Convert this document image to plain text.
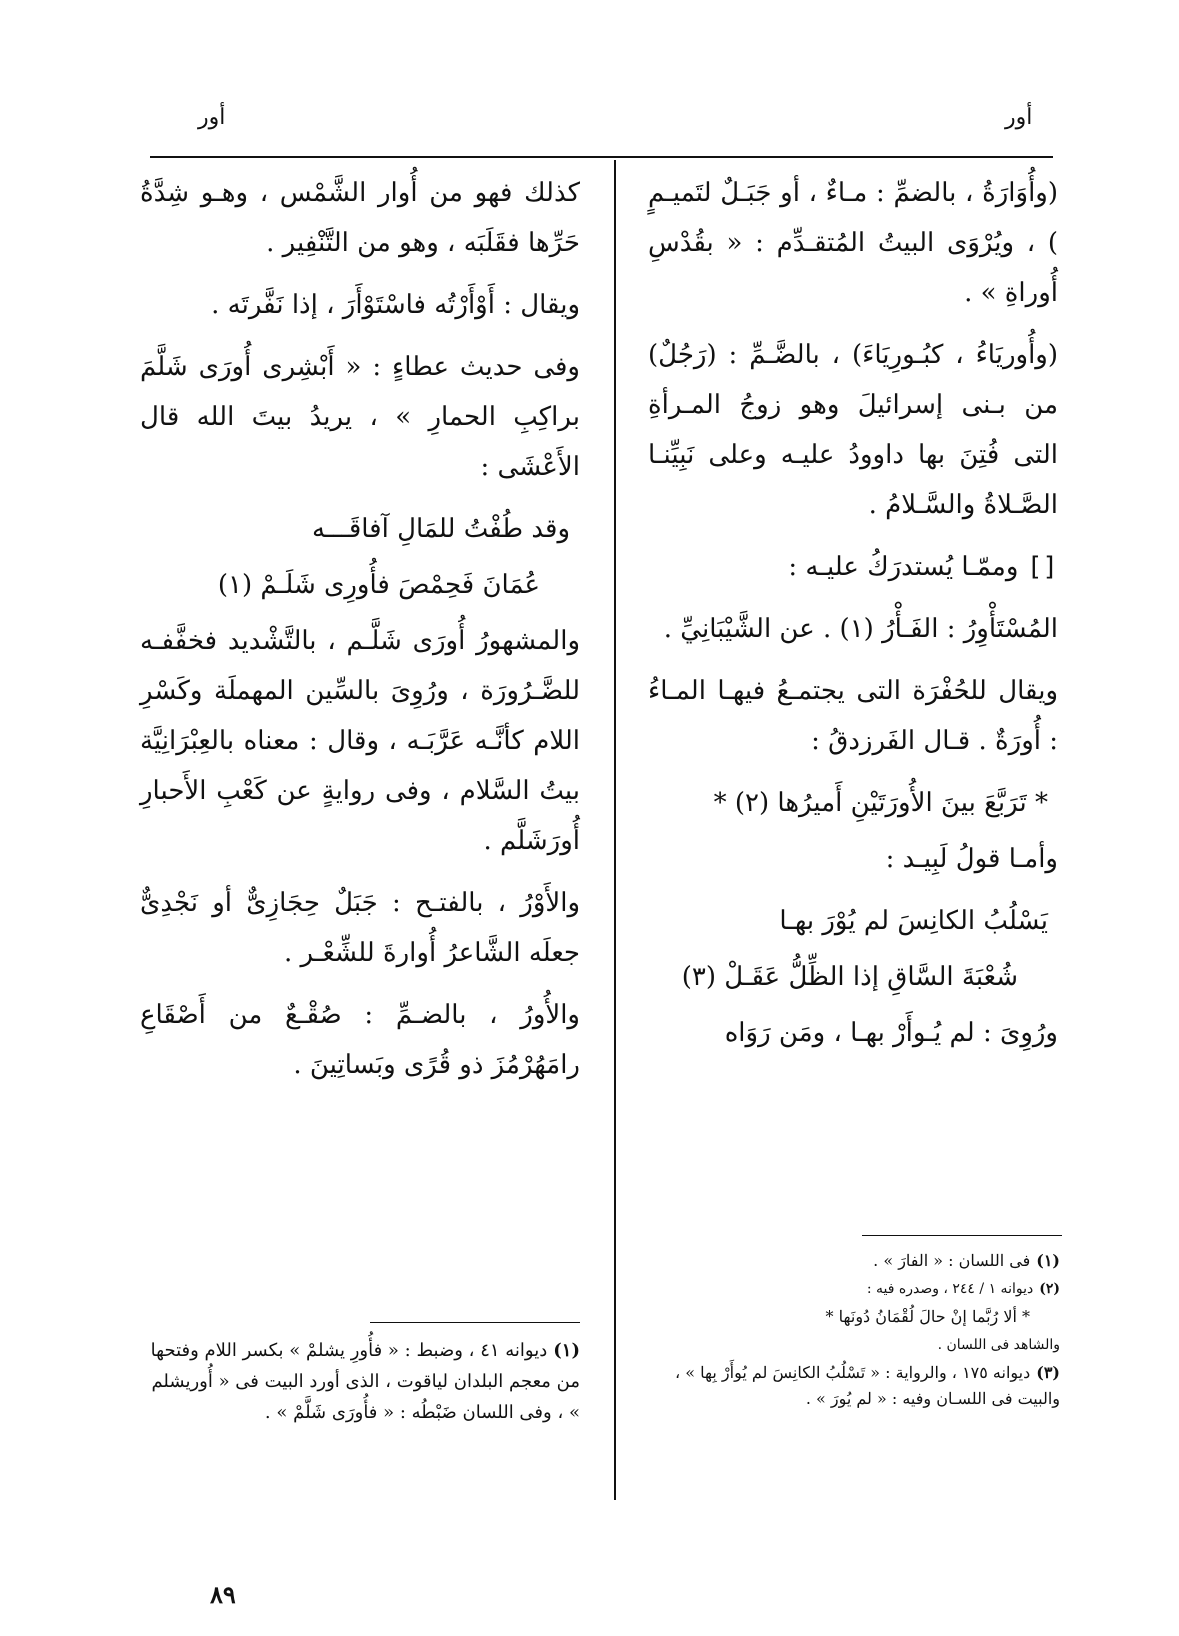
أور	أور

(وأُوَارَةُ ، بالضمِّ : مـاءٌ ، أو جَبَـلٌ لتَميـمٍ ) ، ويُرْوَى البيتُ المُتقـدِّم : « بقُدْسِ أُوراةِ » .

(وأُوريَاءُ ، كبُـورِيَاءَ) ، بالضَّـمِّ : (رَجُلٌ) من بـنى إسرائيلَ وهو زوجُ المـرأةِ التى فُتِنَ بها داوودُ عليـه وعلى نَبِيِّنـا الصَّـلاةُ والسَّـلامُ .

[] وممّـا يُستدرَكُ عليـه :

المُسْتَأْوِرُ : الفَـأْرُ (١) . عن الشَّيْبَانِيِّ .

ويقال للحُفْرَة التى يجتمـعُ فيهـا المـاءُ : أُورَةٌ . قـال الفَرزدقُ :

* تَرَبَّعَ بينَ الأُورَتَيْنِ أَميرُها (٢) *

وأمـا قولُ لَبِيـد :

يَسْلُبُ الكانِسَ لم يُوْرَ بهـا

شُعْبَةَ السَّاقِ إذا الظِّلُّ عَقَـلْ (٣)

ورُوِىَ : لم يُـوأَرْ بهـا ، ومَن رَوَاه

كذلك فهو من أُوار الشَّمْس ، وهـو شِدَّةُ حَرِّها فقَلَبَه ، وهو من التَّنْفِير .

ويقال : أَوْأَرْتُه فاسْتَوْأَرَ ، إذا نَفَّرتَه .

وفى حديث عطاءٍ : « أَبْشِرى أُورَى شَلَّمَ براكِبِ الحمارِ » ، يريدُ بيتَ الله قال الأَعْشَى :

وقد طُفْتُ للمَالِ آفاقَـــه

عُمَانَ فَحِمْصَ فأُورِى شَلَـمْ (١)

والمشهورُ أُورَى شَلَّـم ، بالتَّشْديد فخفَّفـه للضَّـرُورَة ، ورُوِىَ بالسِّين المهملَة وكَسْرِ اللام كأنَّـه عَرَّبَـه ، وقال : معناه بالعِبْرَانِيَّة بيتُ السَّلام ، وفى روايةٍ عن كَعْبِ الأَحبارِ أُورَشَلَّم .

والأَوْرُ ، بالفتـح : جَبَلٌ حِجَازِىٌّ أو نَجْدِىٌّ جعلَه الشَّاعرُ أُوارةَ للشِّعْـر .

والأُورُ ، بالضـمِّ : صُقْـعٌ من أَصْقَاعِ رامَهُرْمُزَ ذو قُرًى وبَساتِينَ .

(١)فى اللسان : « الفارَ » .

(٢)ديوانه ١ / ٢٤٤ ، وصدره فيه :

* ألا رُبَّما إنْ حالَ لُقْمَانُ دُونَها *

والشاهد فى اللسان .

(٣)ديوانه ١٧٥ ، والرواية : « تَسْلُبُ الكانِسَ لم يُوأَرْ بِها » ، والبيت فى اللسـان وفيه : « لم يُورَ » .

(١)ديوانه ٤١ ، وضبط : « فأُورِ يشلمْ » بكسر اللام وفتحها من معجم البلدان لياقوت ، الذى أورد البيت فى « أُوريشلم » ، وفى اللسان ضَبْطُه : « فأُورَى شَلَّمْ » .

٨٩
